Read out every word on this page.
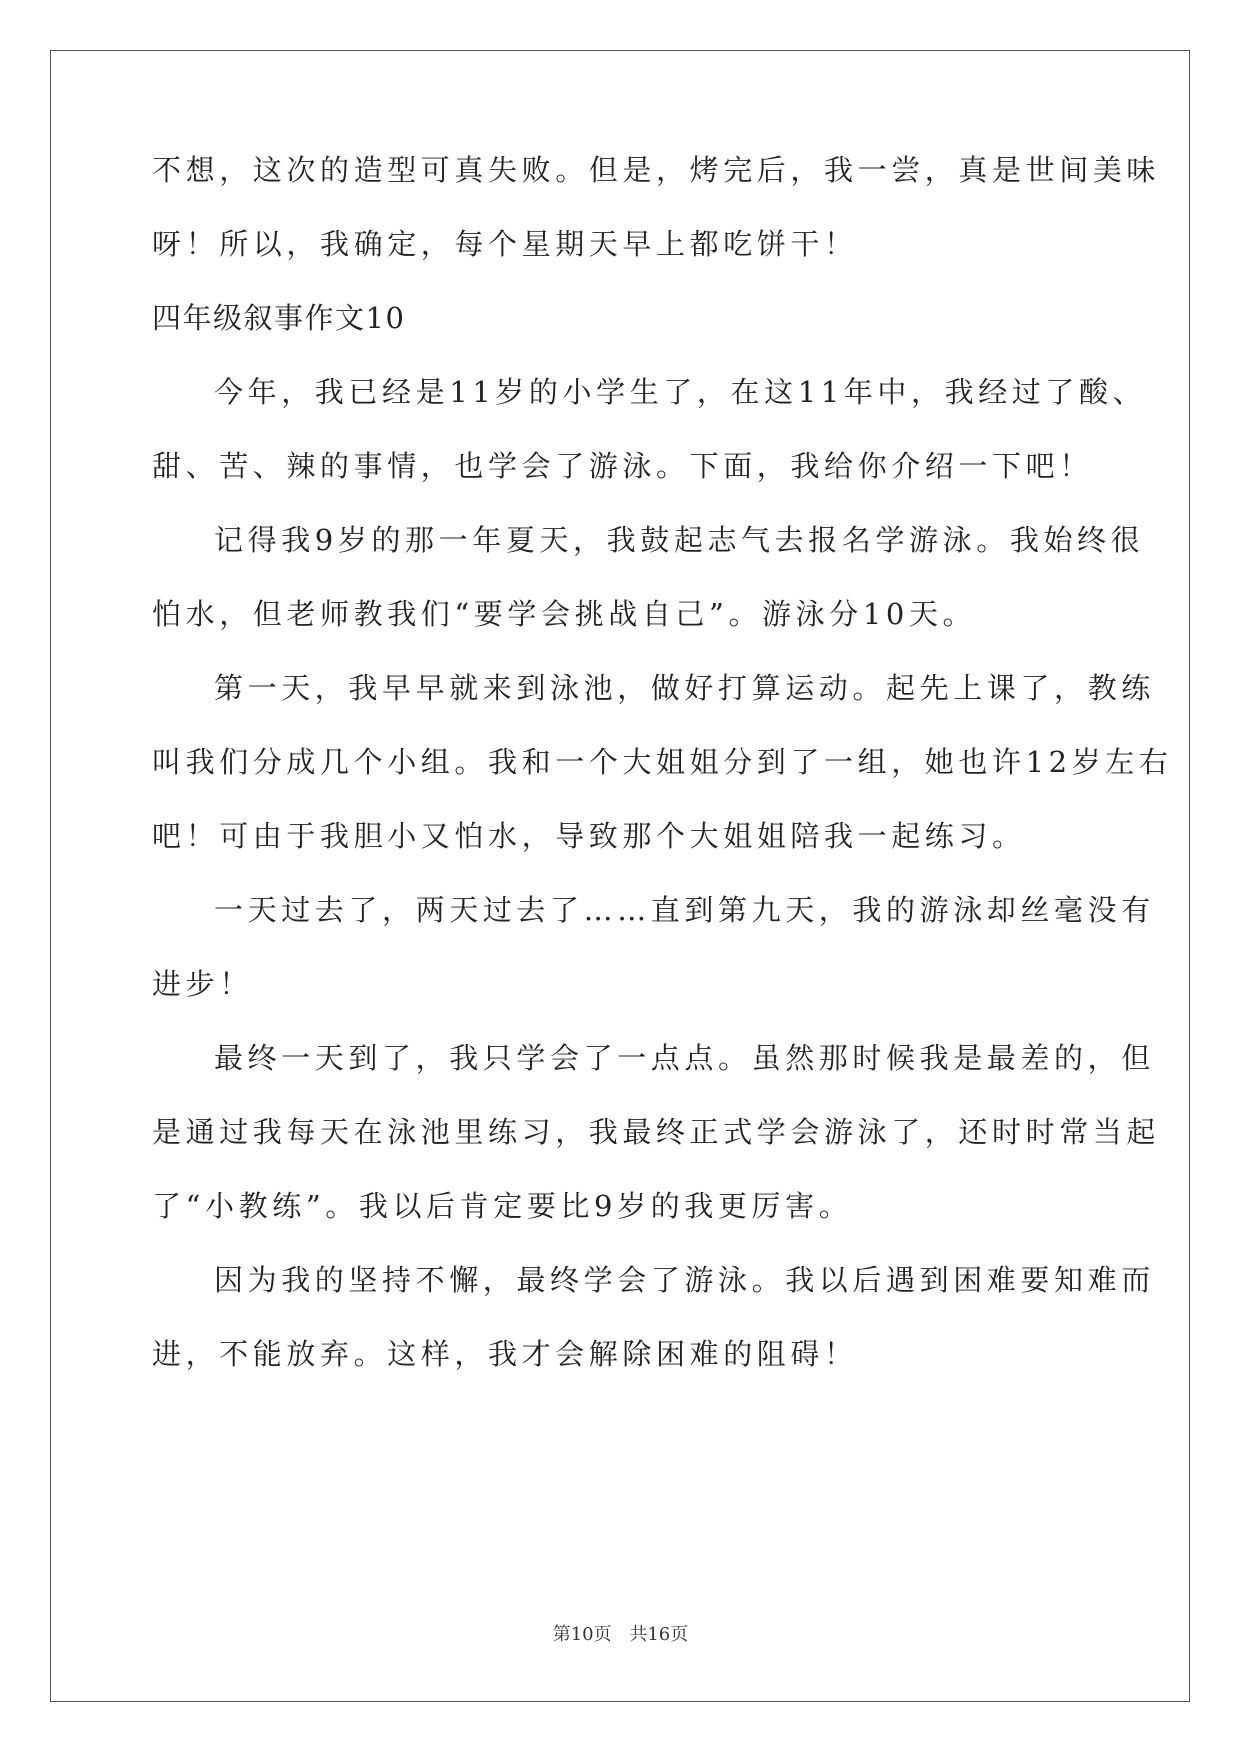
不想，这次的造型可真失败。但是，烤完后，我一尝，真是世间美味
呀！所以，我确定，每个星期天早上都吃饼干！
四年级叙事作文10
今年，我已经是11岁的小学生了，在这11年中，我经过了酸、
甜、苦、辣的事情，也学会了游泳。下面，我给你介绍一下吧！
记得我9岁的那一年夏天，我鼓起志气去报名学游泳。我始终很
怕水，但老师教我们“要学会挑战自己”。游泳分10天。
第一天，我早早就来到泳池，做好打算运动。起先上课了，教练
叫我们分成几个小组。我和一个大姐姐分到了一组，她也许12岁左右
吧！可由于我胆小又怕水，导致那个大姐姐陪我一起练习。
一天过去了，两天过去了……直到第九天，我的游泳却丝毫没有
进步！
最终一天到了，我只学会了一点点。虽然那时候我是最差的，但
是通过我每天在泳池里练习，我最终正式学会游泳了，还时时常当起
了“小教练”。我以后肯定要比9岁的我更厉害。
因为我的坚持不懈，最终学会了游泳。我以后遇到困难要知难而
进，不能放弃。这样，我才会解除困难的阻碍！
第10页 共16页
